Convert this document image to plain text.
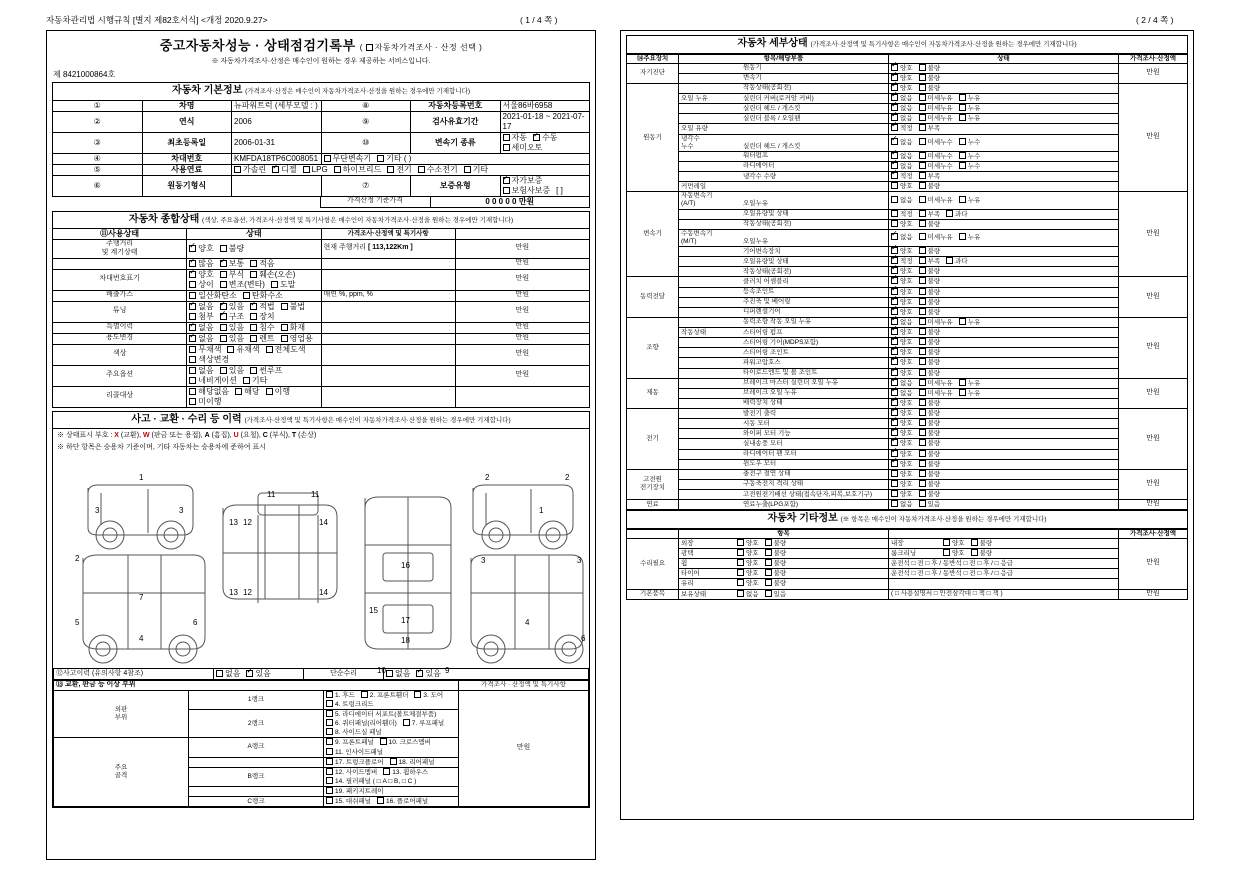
자동차관리법 시행규칙 [별지 제82호서식] <개정 2020.9.27>	( 1 / 4 쪽 )	( 2 / 4 쪽 )
중고자동차성능 · 상태점검기록부 ( 자동차가격조사 · 산정 선택 )
※ 자동차가격조사·산정은 매수인이 원하는 경우 제공하는 서비스입니다.
제 8421000864호
자동차 기본정보 (가격조사·산정은 매수인이 자동차가격조사·산정을 원하는 경우에만 기재합니다)					
①	차명	뉴파워트럭 (세부모델 : )	⑧	자동차등록번호	서울86바6958
②	연식	2006	⑨	검사유효기간	2021-01-18 ~ 2021-07-17
③	최초등록일	2006-01-31	⑩	변속기 종류	자동 ✓ 수동세미오토
④	차대번호	KMFDA18TP6C008051	무단변속기 기타 ( )		
⑤	사용연료	가솔린 ✓ 디젤 LPG 하이브리드 전기 수소전기 기타
⑥	원동기형식		⑦	보증유형	✓자가보증보험사보증 [ ]
	가격산정 기준가격	0 0 0 0 0 만원
자동차 종합상태 (색상, 주요옵션, 가격조사·산정액 및 특기사항은 매수인이 자동차가격조사·산정을 원하는 경우에만 기재합니다)			
⑪사용상태	상태	가격조사·산정액 및 특기사항	
주행거리
및 계기상태	✓양호 불량	현재 주행거리 [ 113,122Km ]	만원
	✓많음 ✓ 보통 적음		만원
차대번호표기	✓양호 부식 훼손(오손)상이 변조(변타) 도말		만원
배출가스	일산화탄소 탄화수소	매연 %, ppm, %	만원
튜닝	✓없음 ✓ 있음 ✓ 적법 불법첨부 ✓ 구조 장치		만원
특별이력	✓없음 있음 침수 화재		만원
용도변경	✓없음 있음 렌트 영업용		만원
색상	무채색 유채색 전체도색색상변경		만원
주요옵션	없음 있음 썬루프네비게이션 기타		만원
리콜대상	해당없음 해당 이행미이행		
사고 · 교환 · 수리 등 이력 (가격조사·산정액 및 특기사항은 매수인이 자동차가격조사·산정을 원하는 경우에만 기재합니다)
※ 상태표시 부호 : X (교환), W (판금 또는 용접), A (흠집), U (요철), C (부식), T (손상)
※ 하단 항목은 승용차 기준이며, 기타 자동차는 승용차에 준하여 표시
1
3	3
7
4
2
5	6
11	11
13 12
12
13
14
14
16
15
17
18
10	9
2	2
1
3	3
4
6
⑫사고이력 (유의사항 4참조)	없음 ✓ 있음	단순수리	없음 ✓ 있음
⑬ 교환, 판금 등 이상 부위			가격조사 · 산정액 및 특기사항
외판
부위	1랭크	1. 후드 2. 프론트휀더 3. 도어4. 트렁크리드	만원
	2랭크	5. 라디에이터 서포트(볼트체결부품)6. 쿼터패널(리어휀더) 7. 루프패널8. 사이드실 패널	
주요
골격	A랭크	9. 프론트패널 10. 크로스멤버11. 인사이드패널	
		17. 트렁크플로어 18. 리어패널	
	B랭크	12. 사이드멤버 13. 휠하우스14. 필러패널 ( □ A □ B, □ C )	
		19. 패키지트레이	
	C랭크	15. 대쉬패널 16. 플로어패널	
자동차 세부상태 (가격조사·산정액 및 특기사항은 매수인이 자동차가격조사·산정을 원하는 경우에만 기재합니다)
⑭주요장치	항목/해당부품	상태	가격조사·산정액
자기진단	원동기	✓양호 불량	만원
	변속기	✓양호 불량
원동기	작동상태(공회전)	✓양호 불량	만원
	오일 누유 실린더 커버(로커암 커버)	✓없음 미세누유 누유
	실린더 헤드 / 개스킷	✓없음 미세누유 누유
	실린더 블록 / 오일팬	✓없음 미세누유 누유
	오일 유량	✓적정 부족
	냉각수
누수 실린더 헤드 / 개스킷	✓없음 미세누수 누수
	워터펌프	✓없음 미세누수 누수
	라디에이터	✓없음 미세누수 누수
	냉각수 수량	✓적정 부족
	커먼레일	양호 불량	
변속기	자동변속기
(A/T) 오일누유	없음 미세누유 누유	만원
	오일유량및 상태	적정 부족 과다	
	작동상태(공회전)	양호 불량	
	수동변속기
(M/T) 오일누유	✓없음 미세누유 누유
	기어변속장치	✓양호 불량
	오일유량및 상태	✓적정 부족 과다
	작동상태(공회전)	✓양호 불량
동력전달	클러치 어셈블리	✓양호 불량	만원
	등속조인트	✓양호 불량
	추진축 및 베어링	✓양호 불량
	디퍼렌셜기어	✓양호 불량
조향	동력조향 작동 오일 누유	✓없음 미세누유 누유	만원
	작동상태 스티어링 펌프	✓양호 불량
	스티어링 기어(MDPS포함)	✓양호 불량
	스티어링 조인트	✓양호 불량
	파워고압호스	✓양호 불량
	타이로드엔드 및 볼 조인트	✓양호 불량
제동	브레이크 마스터 실린더 오일 누유	✓없음 미세누유 누유	만원
	브레이크 오일 누유	✓없음 미세누유 누유
	배력장치 상태	✓양호 불량
전기	발전기 출력	✓양호 불량	만원
	시동 모터	✓양호 불량
	와이퍼 모터 기능	✓양호 불량
	실내송풍 모터	✓양호 불량
	라디에이터 팬 모터	✓양호 불량
	윈도우 모터	✓양호 불량
고전원
전기장치	충전구 절연 상태	양호 불량	만원
	구동축전지 격리 상태	양호 불량	
	고전원전기배선 상태(접속단자,피복,보호기구)	양호 불량	
연료	연료누출(LPG포함)	없음 있음	만원
자동차 기타정보 (※ 항목은 매수인이 자동차가격조사·산정을 원하는 경우에만 기재합니다)
	항목		가격조사·산정액
수리필요	외장 양호 불량	내장 양호 불량	만원
	광택 양호 불량	룸크리닝 양호 불량	
	휠 양호 불량	운전석 □ 전 □ 후 / 동반석 □ 전 □ 후 / □ 응급	
	타이어 양호 불량	운전석 □ 전 □ 후 / 동반석 □ 전 □ 후 / □ 응급	
	유리 양호 불량		
기본품목	보유상태 없음 있음	( □ 사용설명서 □ 안전삼각대 □ 잭 □ 잭 )	만원
